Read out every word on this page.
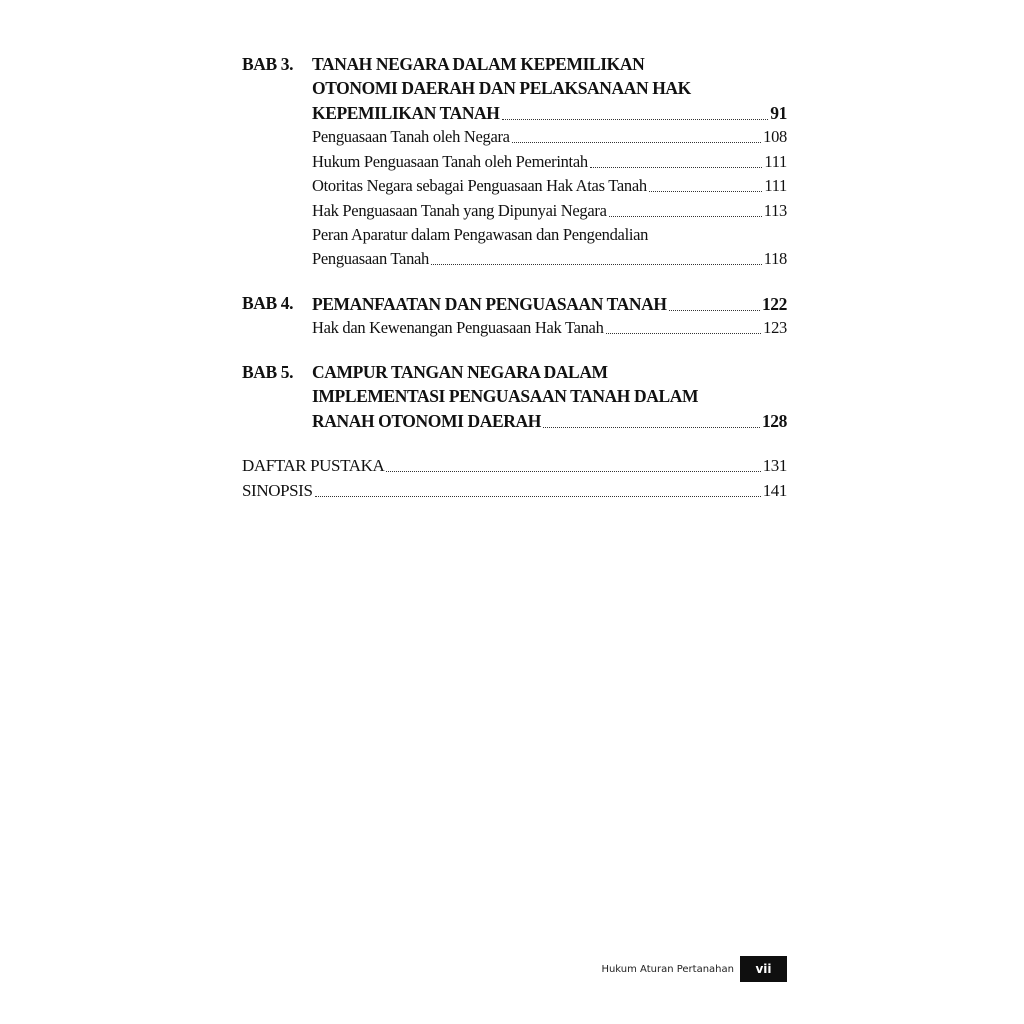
BAB 3. TANAH NEGARA DALAM KEPEMILIKAN
OTONOMI DAERAH DAN PELAKSANAAN HAK
KEPEMILIKAN TANAH	91
Penguasaan Tanah oleh Negara	108
Hukum Penguasaan Tanah oleh Pemerintah	111
Otoritas Negara sebagai Penguasaan Hak Atas Tanah	111
Hak Penguasaan Tanah yang Dipunyai Negara	113
Peran Aparatur dalam Pengawasan dan Pengendalian
Penguasaan Tanah	118
BAB 4. PEMANFAATAN DAN PENGUASAAN TANAH	122
Hak dan Kewenangan Penguasaan Hak Tanah	123
BAB 5. CAMPUR TANGAN NEGARA DALAM
IMPLEMENTASI PENGUASAAN TANAH DALAM
RANAH OTONOMI DAERAH	128
DAFTAR PUSTAKA	131
SINOPSIS	141
Hukum Aturan Pertanahan	vii
